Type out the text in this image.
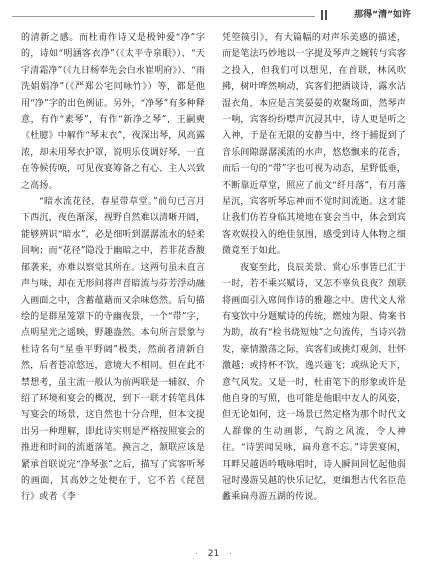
那得“清”如许

的清新之感。而杜甫作诗又是极钟爱“净”字的，诗如“明涵客衣净”（《太平寺泉眼》）、“天宇清霜净”（《九日杨奉先会白水崔明府》）、“雨洗娟娟净”（《严郑公宅同咏竹》）等，都是他用“净”字的出色例证。另外，“净琴”有多种释意，有作“素琴”，有作“新净之琴”，王嗣奭《杜臆》中解作“琴末衣”，夜深出琴，风高露浓，却未用琴衣护罩，说明乐伎调好琴，一直在等候传唤，可见夜宴筹备之有心、主人兴致之高扬。

“暗水流花径，春星带草堂。”前句已言月下西沉，夜色渐深，视野自然难以清晰开阔，能够辨识“暗水”，必是细听到潺潺流水的轻柔回响；而“花径”隐没于幽暗之中，若非花香馥郁袭来，亦难以察觉其所在。这两句虽未直言声与味，却在无形间将声音暗流与芬芳浮动融入画面之中，含蓄蕴藉而又余味悠然。后句描绘的是群星笼罩下的寺幽夜景，一个“带”字，点明星光之遥映，野趣盎然。本句所言景象与杜诗名句“星垂平野阔”极类，然前者清新自然，后者苍凉悠远，意境大不相同。但在此不禁想考，虽主流一般认为前两联是一辅叙，介绍了环境和宴会的概况，到下一联才转笔具体写宴会的场景，这自然也十分合理，但本文提出另一种理解，即此诗实则是严格按照宴会的推进和时间的流逝落笔。换言之，颔联应该是紧承首联说完“净琴张”之后，描写了宾客听琴的画面，其高妙之处便在于，它不若《琵琶行》或者《李

凭箜篌引》，有大篇幅的对声乐美感的描述，而是笔法巧妙地以一字提及琴声之婉转与宾客之投入，但我们可以想见，在首联，林风吹拂，树叶哗然响动，宾客们把酒谈诗，露水沾湿衣角，本应是言笑晏晏的欢聚场面，然琴声一响，宾客纷纷噤声沉浸其中，诗人更是听之入神，于是在无限的安静当中，终于捕捉到了音乐间隙潺潺溪流的水声，悠悠飘来的花香，而后一句的“带”字也可视为动态，星野低垂，不断靠近草堂，照应了前文“纤月落”，有月落星沉，宾客听琴忘神而不觉时间流逝。这才能让我们仿若身临其境地在宴会当中，体会到宾客欢娱投入的绝佳氛围，感受到诗人体物之细微竟至于如此。

夜宴至此，良辰美景、赏心乐事皆已汇于一时，若不乘兴赋诗，又怎不辜负良夜？颈联将画面引入席间作诗的雅趣之中。唐代文人常有宴饮中分题赋诗的传统，燃烛为限、倚案书为助，故有“检书烧短烛”之句流传，当诗兴勃发，豪情激荡之际，宾客们或挑灯观剑，壮怀激越；或持杯不饮，逸兴遄飞；或纵论天下，意气风发。又是一时，杜甫笔下的形象或许是他自身的写照，也可能是他眼中友人的风姿，但无论如何，这一场景已然定格为那个时代文人群像的生动画影，气韵之风流，令人神往。“诗罢闻吴咏，扁舟意不忘。”诗罢宴闲，耳畔吴越语吟哦咏唱时，诗人瞬间回忆起他弱冠时漫游吴越的快乐记忆，更缅想古代名臣范蠡乘扁舟游五湖的传说。

· 21 ·
